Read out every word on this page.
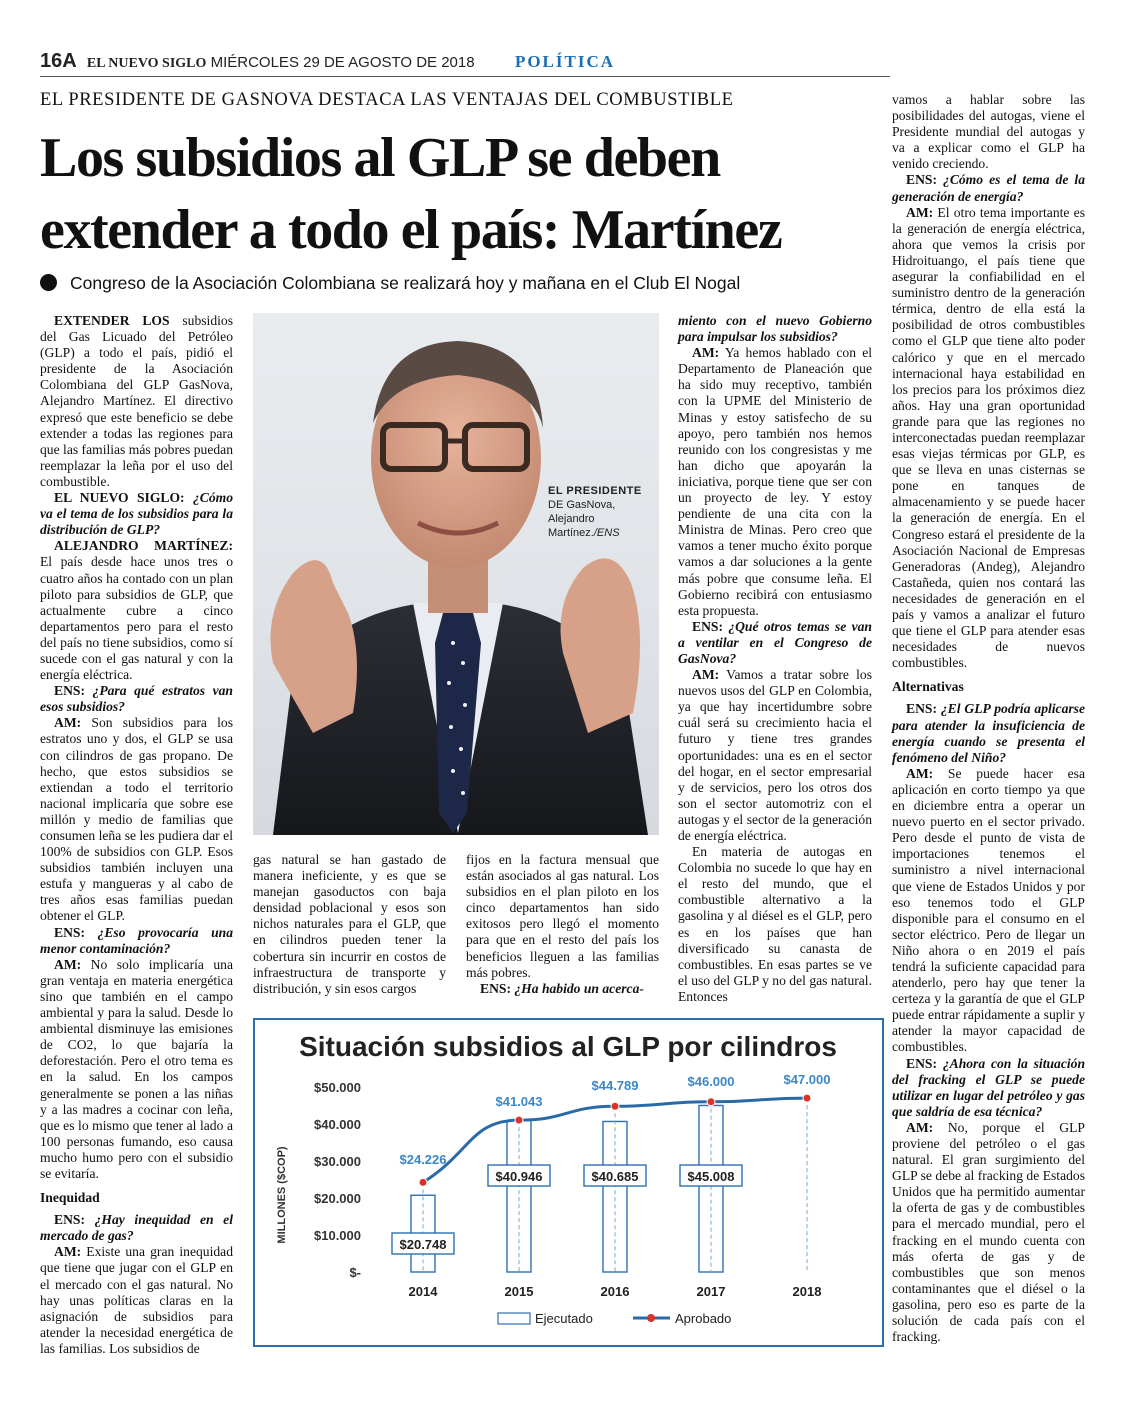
16A EL NUEVO SIGLO MIÉRCOLES 29 DE AGOSTO DE 2018	POLÍTICA
EL PRESIDENTE DE GASNOVA DESTACA LAS VENTAJAS DEL COMBUSTIBLE
Los subsidios al GLP se deben
extender a todo el país: Martínez
Congreso de la Asociación Colombiana se realizará hoy y mañana en el Club El Nogal

EXTENDER LOS subsidios del Gas Licuado del Petróleo (GLP) a todo el país, pidió el presidente de la Asociación Colombiana del GLP GasNova, Alejandro Martínez. El directivo expresó que este beneficio se debe extender a todas las regiones para que las familias más pobres puedan reemplazar la leña por el uso del combustible.

EL NUEVO SIGLO: ¿Cómo va el tema de los subsidios para la distribución de GLP?

ALEJANDRO MARTÍNEZ: El país desde hace unos tres o cuatro años ha contado con un plan piloto para subsidios de GLP, que actualmente cubre a cinco departamentos pero para el resto del país no tiene subsidios, como sí sucede con el gas natural y con la energía eléctrica.

ENS: ¿Para qué estratos van esos subsidios?

AM: Son subsidios para los estratos uno y dos, el GLP se usa con cilindros de gas propano. De hecho, que estos subsidios se extiendan a todo el territorio nacional implicaría que sobre ese millón y medio de familias que consumen leña se les pudiera dar el 100% de subsidios con GLP. Esos subsidios también incluyen una estufa y mangueras y al cabo de tres años esas familias puedan obtener el GLP.

ENS: ¿Eso provocaría una menor contaminación?

AM: No solo implicaría una gran ventaja en materia energética sino que también en el campo ambiental y para la salud. Desde lo ambiental disminuye las emisiones de CO2, lo que bajaría la deforestación. Pero el otro tema es en la salud. En los campos generalmente se ponen a las niñas y a las madres a cocinar con leña, que es lo mismo que tener al lado a 100 personas fumando, eso causa mucho humo pero con el subsidio se evitaría.

Inequidad

ENS: ¿Hay inequidad en el mercado de gas?

AM: Existe una gran inequidad que tiene que jugar con el GLP en el mercado con el gas natural. No hay unas políticas claras en la asignación de subsidios para atender la necesidad energética de las familias. Los subsidios de

EL PRESIDENTE
DE GasNova, Alejandro Martínez./ENS

gas natural se han gastado de manera ineficiente, y es que se manejan gasoductos con baja densidad poblacional y esos son nichos naturales para el GLP, que en cilindros pueden tener la cobertura sin incurrir en costos de infraestructura de transporte y distribución, y sin esos cargos

fijos en la factura mensual que están asociados al gas natural. Los subsidios en el plan piloto en los cinco departamentos han sido exitosos pero llegó el momento para que en el resto del país los beneficios lleguen a las familias más pobres.

ENS: ¿Ha habido un acerca-

miento con el nuevo Gobierno para impulsar los subsidios?

AM: Ya hemos hablado con el Departamento de Planeación que ha sido muy receptivo, también con la UPME del Ministerio de Minas y estoy satisfecho de su apoyo, pero también nos hemos reunido con los congresistas y me han dicho que apoyarán la iniciativa, porque tiene que ser con un proyecto de ley. Y estoy pendiente de una cita con la Ministra de Minas. Pero creo que vamos a tener mucho éxito porque vamos a dar soluciones a la gente más pobre que consume leña. El Gobierno recibirá con entusiasmo esta propuesta.

ENS: ¿Qué otros temas se van a ventilar en el Congreso de GasNova?

AM: Vamos a tratar sobre los nuevos usos del GLP en Colombia, ya que hay incertidumbre sobre cuál será su crecimiento hacia el futuro y tiene tres grandes oportunidades: una es en el sector del hogar, en el sector empresarial y de servicios, pero los otros dos son el sector automotriz con el autogas y el sector de la generación de energía eléctrica.

En materia de autogas en Colombia no sucede lo que hay en el resto del mundo, que el combustible alternativo a la gasolina y al diésel es el GLP, pero es en los países que han diversificado su canasta de combustibles. En esas partes se ve el uso del GLP y no del gas natural. Entonces

vamos a hablar sobre las posibilidades del autogas, viene el Presidente mundial del autogas y va a explicar como el GLP ha venido creciendo.

ENS: ¿Cómo es el tema de la generación de energía?

AM: El otro tema importante es la generación de energía eléctrica, ahora que vemos la crisis por Hidroituango, el país tiene que asegurar la confiabilidad en el suministro dentro de la generación térmica, dentro de ella está la posibilidad de otros combustibles como el GLP que tiene alto poder calórico y que en el mercado internacional haya estabilidad en los precios para los próximos diez años. Hay una gran oportunidad grande para que las regiones no interconectadas puedan reemplazar esas viejas térmicas por GLP, es que se lleva en unas cisternas se pone en tanques de almacenamiento y se puede hacer la generación de energía. En el Congreso estará el presidente de la Asociación Nacional de Empresas Generadoras (Andeg), Alejandro Castañeda, quien nos contará las necesidades de generación en el país y vamos a analizar el futuro que tiene el GLP para atender esas necesidades de nuevos combustibles.

Alternativas

ENS: ¿El GLP podría aplicarse para atender la insuficiencia de energía cuando se presenta el fenómeno del Niño?

AM: Se puede hacer esa aplicación en corto tiempo ya que en diciembre entra a operar un nuevo puerto en el sector privado. Pero desde el punto de vista de importaciones tenemos el suministro a nivel internacional que viene de Estados Unidos y por eso tenemos todo el GLP disponible para el consumo en el sector eléctrico. Pero de llegar un Niño ahora o en 2019 el país tendrá la suficiente capacidad para atenderlo, pero hay que tener la certeza y la garantía de que el GLP puede entrar rápidamente a suplir y atender la mayor capacidad de combustibles.

ENS: ¿Ahora con la situación del fracking el GLP se puede utilizar en lugar del petróleo y gas que saldría de esa técnica?

AM: No, porque el GLP proviene del petróleo o el gas natural. El gran surgimiento del GLP se debe al fracking de Estados Unidos que ha permitido aumentar la oferta de gas y de combustibles para el mercado mundial, pero el fracking en el mundo cuenta con más oferta de gas y de combustibles que son menos contaminantes que el diésel o la gasolina, pero eso es parte de la solución de cada país con el fracking.

Situación subsidios al GLP por cilindros
MILLONES ($COP)
$-
$10.000
$20.000
$30.000
$40.000
$50.000
2014	2015	2016	2017	2018
$20.748
$40.946	$40.685	$45.008
$24.226
$41.043
$44.789	$46.000	$47.000
Ejecutado	Aprobado
